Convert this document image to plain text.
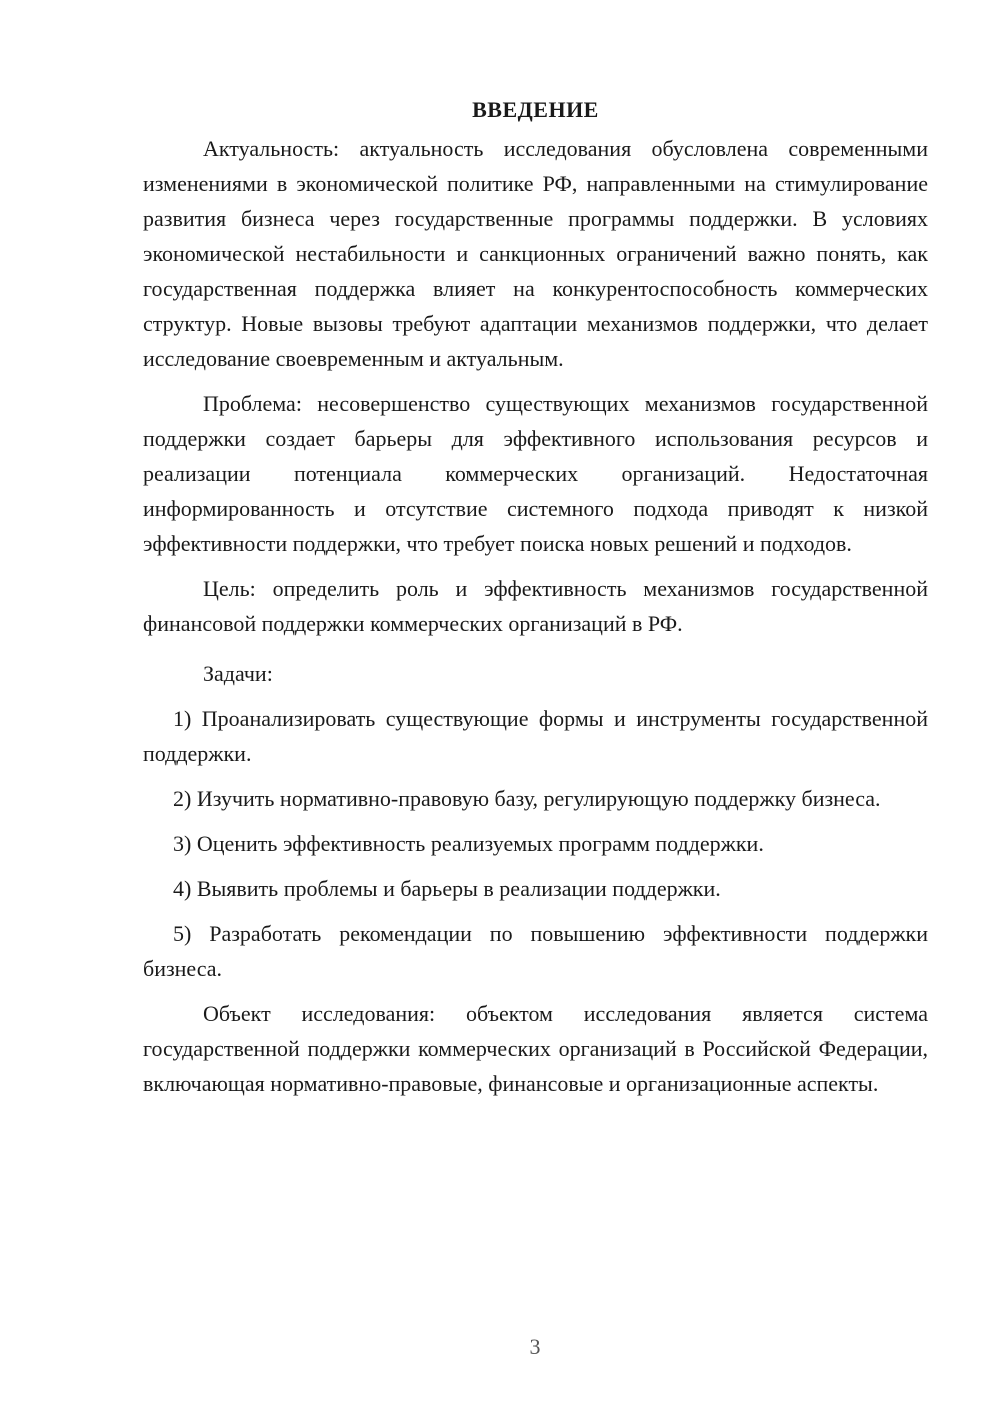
ВВЕДЕНИЕ

Актуальность: актуальность исследования обусловлена современными изменениями в экономической политике РФ, направленными на стимулирование развития бизнеса через государственные программы поддержки. В условиях экономической нестабильности и санкционных ограничений важно понять, как государственная поддержка влияет на конкурентоспособность коммерческих структур. Новые вызовы требуют адаптации механизмов поддержки, что делает исследование своевременным и актуальным.

Проблема: несовершенство существующих механизмов государственной поддержки создает барьеры для эффективного использования ресурсов и реализации потенциала коммерческих организаций. Недостаточная информированность и отсутствие системного подхода приводят к низкой эффективности поддержки, что требует поиска новых решений и подходов.

Цель: определить роль и эффективность механизмов государственной финансовой поддержки коммерческих организаций в РФ.

Задачи:

1) Проанализировать существующие формы и инструменты государственной поддержки.

2) Изучить нормативно-правовую базу, регулирующую поддержку бизнеса.

3) Оценить эффективность реализуемых программ поддержки.

4) Выявить проблемы и барьеры в реализации поддержки.

5) Разработать рекомендации по повышению эффективности поддержки бизнеса.

Объект исследования: объектом исследования является система государственной поддержки коммерческих организаций в Российской Федерации, включающая нормативно-правовые, финансовые и организационные аспекты.

3
